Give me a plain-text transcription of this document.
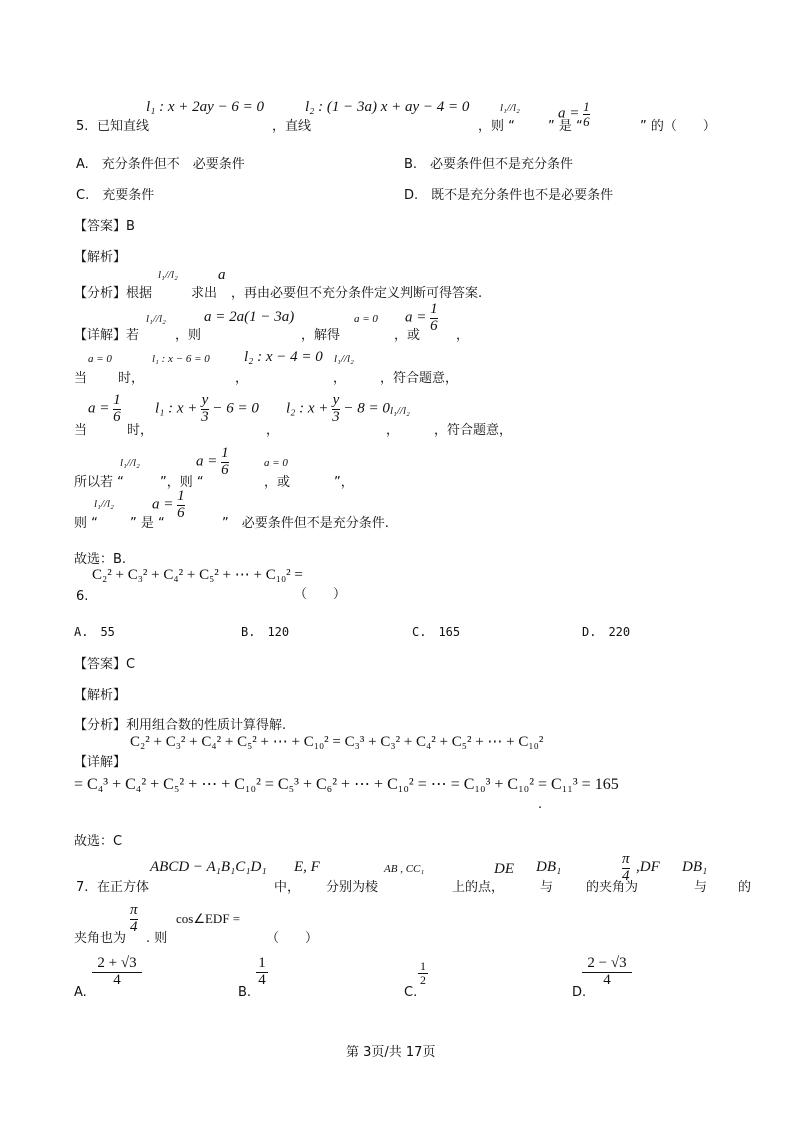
l₁ : x + 2ay − 6 = 0	l₂ : (1 − 3a) x + ay − 4 = 0	l₁//l₂	$a = \frac{1}{6}$
5. 已知直线	，直线	，则 “	” 是 “	” 的（　　）
A.　充分条件但不　必要条件	B.　必要条件但不是充分条件
C.　充要条件	D.　既不是充分条件也不是必要条件
【答案】B
【解析】
l₁//l₂	a
【分析】根据	求出 ，再由必要但不充分条件定义判断可得答案.
l₁//l₂	a = 2a(1 − 3a)	a = 0 $a = \frac{1}{6}$
【详解】若	，则	，解得	，或	，
a = 0	l₁ : x − 6 = 0 l₂ : x − 4 = 0 l₁//l₂
当 时，	，	，	，符合题意，
$a = \frac{1}{6} l_1$ : $x + \frac{y}{3} - 6 = 0$ l₂ : $x + \frac{y}{3} - 8 = 0$ l₁//l₂
当	时，	，	，	，符合题意，
l₁//l₂	$a = \frac{1}{6}$	a = 0
所以若 “	”，则 “	，或	”，
l₁//l₂	$a = \frac{1}{6}$
则 “ ” 是 “	”　必要条件但不是充分条件.
故选：B.
C₂² + C₃² + C₄² + C₅² + ⋯ + C₁₀² =
6.	（　　）
A.　55	B.　120	C.　165	D.　220
【答案】C
【解析】
【分析】利用组合数的性质计算得解.
C₂² + C₃² + C₄² + C₅² + ⋯ + C₁₀² = C₃³ + C₃² + C₄² + C₅² + ⋯ + C₁₀²
【详解】
= C₄³ + C₄² + C₅² + ⋯ + C₁₀² = C₅³ + C₆² + ⋯ + C₁₀² = ⋯ = C₁₀³ + C₁₀² = C₁₁³ = 165
.
故选：C
ABCD − A₁B₁C₁D₁ E, F	AB , CC₁	DE DB₁	$\frac{\pi}{4} ,DF$ DB₁
7. 在正方体	中， 分别为棱	上的点，	与	的夹角为	与 的
$\frac{\pi}{4}$	cos∠EDF =
夹角也为 . 则	（　　）
A.
$\frac{2 + √3}{4}$
B.
$\frac{1}{4}$
C.
$\frac{1}{2}$
D.
$\frac{2 - √3}{4}$
第 3页/共 17页
